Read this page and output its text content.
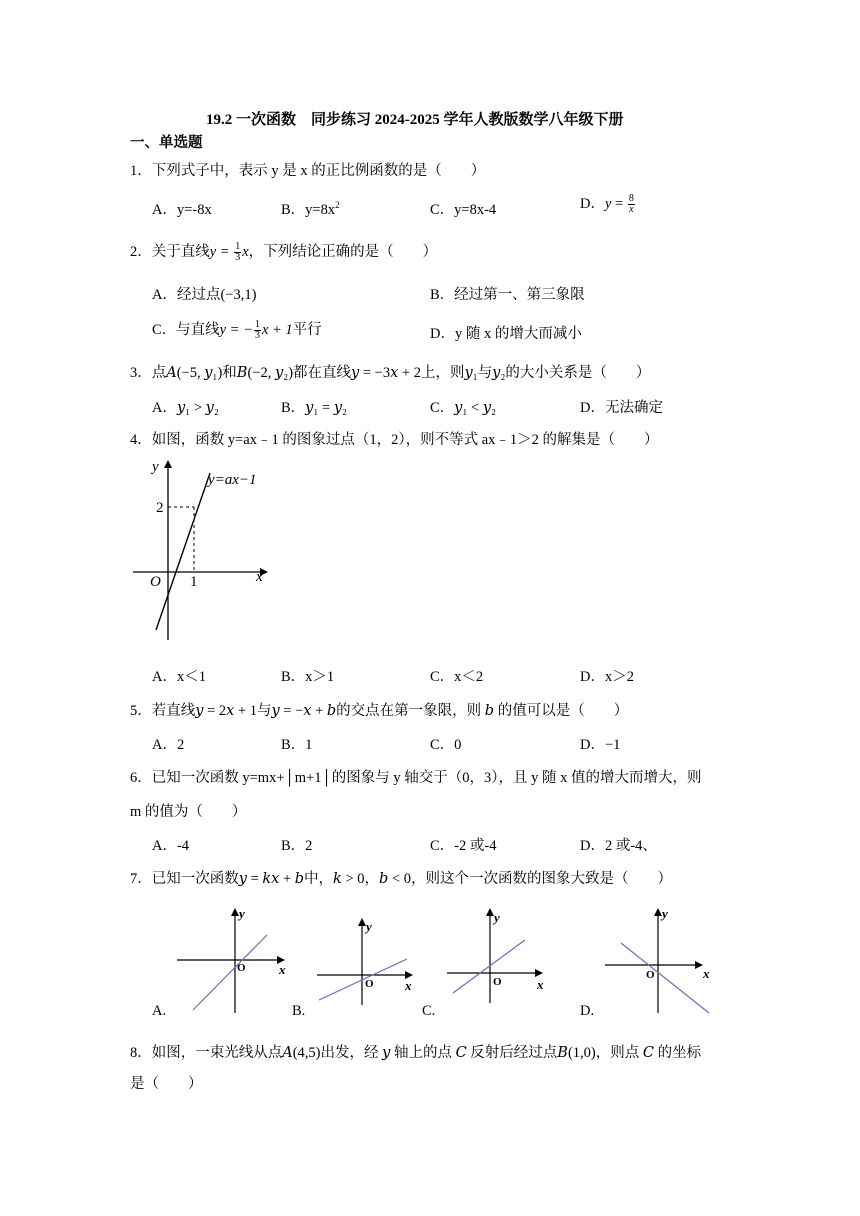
19.2 一次函数　同步练习 2024-2025 学年人教版数学八年级下册
一、单选题
1．下列式子中，表示 y 是 x 的正比例函数的是（　　）
A．y=-8x	B．$y=8x^2$	C．y=8x-4	D．$y = \frac{8}{x}$
2．关于直线$y = \frac{1}{3}$ x，下列结论正确的是（　　）
A．经过点(−3,1)	B．经过第一、第三象限
C．与直线y = − $\frac{1}{3}$ x + 1平行	D．y 随 x 的增大而减小
3．点𝐴(−5, 𝑦₁)和𝐵(−2, 𝑦₂)都在直线𝑦 = −3𝑥 + 2上，则𝑦₁与𝑦₂的大小关系是（　　）
A．𝑦₁ > 𝑦₂	B．𝑦₁ = 𝑦₂	C．𝑦₁ < 𝑦₂	D．无法确定
4．如图，函数 y=ax﹣1 的图象过点（1，2），则不等式 ax﹣1＞2 的解集是（　　）
y
x
O
2
1
y=ax−1
A．x＜1	B．x＞1	C．x＜2	D．x＞2
5．若直线𝑦 = 2𝑥 + 1与𝑦 = −𝑥 + 𝑏的交点在第一象限，则 𝑏 的值可以是（　　）
A．2	B．1	C．0	D．−1
6．已知一次函数 y=mx+│m+1│的图象与 y 轴交于（0，3），且 y 随 x 值的增大而增大，则
m 的值为（　　）
A．-4	B．2	C．-2 或-4	D．2 或-4、
7．已知一次函数𝑦 = 𝑘𝑥 + 𝑏中，𝑘 > 0，𝑏 < 0，则这个一次函数的图象大致是（　　）
y
x
O
A.
y
x
O
B.
y
x
O
C.
y
x
O
D.
8．如图，一束光线从点𝐴(4,5)出发，经 𝑦 轴上的点 𝐶 反射后经过点𝐵(1,0)，则点 𝐶 的坐标
是（　　）
